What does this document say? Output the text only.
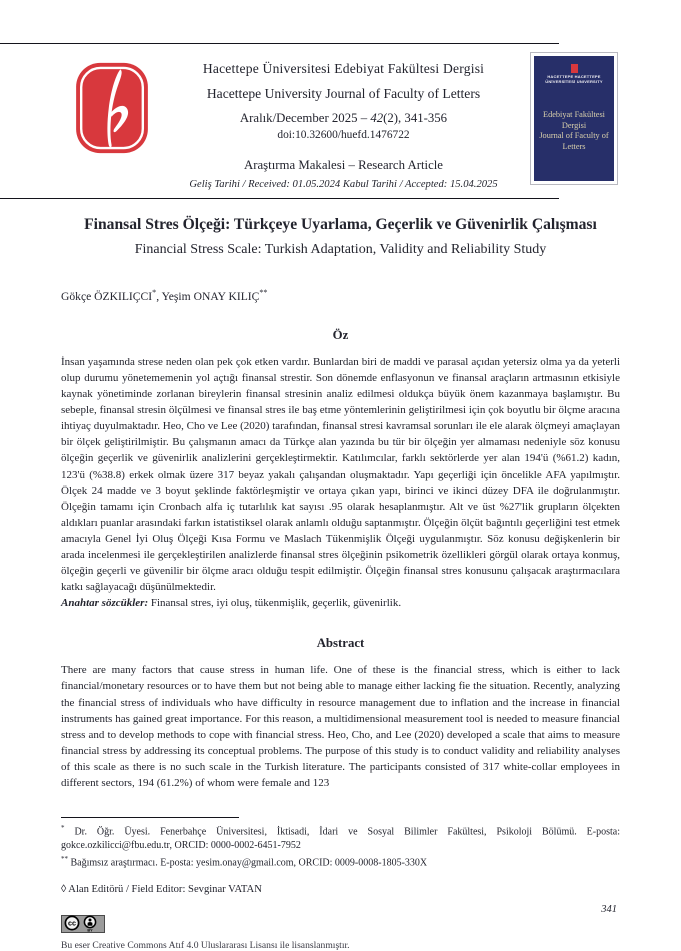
Hacettepe Üniversitesi Edebiyat Fakültesi Dergisi

Hacettepe University Journal of Faculty of Letters

Aralık/December 2025 – 42(2), 341-356

doi:10.32600/huefd.1476722

Araştırma Makalesi – Research Article

Geliş Tarihi / Received: 01.05.2024 Kabul Tarihi / Accepted: 15.04.2025

HACETTEPE HACETTEPE
ÜNİVERSİTESİ UNIVERSITY
Edebiyat Fakültesi Dergisi
Journal of Faculty of Letters

Finansal Stres Ölçeği: Türkçeye Uyarlama, Geçerlik ve Güvenirlik Çalışması

Financial Stress Scale: Turkish Adaptation, Validity and Reliability Study

Gökçe ÖZKILIÇCI*, Yeşim ONAY KILIÇ**

Öz

İnsan yaşamında strese neden olan pek çok etken vardır. Bunlardan biri de maddi ve parasal açıdan yetersiz olma ya da yeterli olup durumu yönetememenin yol açtığı finansal strestir. Son dönemde enflasyonun ve finansal araçların artmasının etkisiyle kaynak yönetiminde zorlanan bireylerin finansal stresinin analiz edilmesi oldukça büyük önem kazanmaya başlamıştır. Bu sebeple, finansal stresin ölçülmesi ve finansal stres ile baş etme yöntemlerinin geliştirilmesi için çok boyutlu bir ölçme aracına ihtiyaç duyulmaktadır. Heo, Cho ve Lee (2020) tarafından, finansal stresi kavramsal sorunları ile ele alarak ölçmeyi amaçlayan bir ölçek geliştirilmiştir. Bu çalışmanın amacı da Türkçe alan yazında bu tür bir ölçeğin yer almaması nedeniyle söz konusu ölçeğin geçerlik ve güvenirlik analizlerini gerçekleştirmektir. Katılımcılar, farklı sektörlerde yer alan 194'ü (%61.2) kadın, 123'ü (%38.8) erkek olmak üzere 317 beyaz yakalı çalışandan oluşmaktadır. Yapı geçerliği için öncelikle AFA yapılmıştır. Ölçek 24 madde ve 3 boyut şeklinde faktörleşmiştir ve ortaya çıkan yapı, birinci ve ikinci düzey DFA ile doğrulanmıştır. Ölçeğin tamamı için Cronbach alfa iç tutarlılık kat sayısı .95 olarak hesaplanmıştır. Alt ve üst %27'lik grupların ölçekten aldıkları puanlar arasındaki farkın istatistiksel olarak anlamlı olduğu saptanmıştır. Ölçeğin ölçüt bağıntılı geçerliğini test etmek amacıyla Genel İyi Oluş Ölçeği Kısa Formu ve Maslach Tükenmişlik Ölçeği uygulanmıştır. Söz konusu değişkenlerin bir arada incelenmesi ile gerçekleştirilen analizlerde finansal stres ölçeğinin psikometrik özellikleri görgül olarak ortaya konmuş, ölçeğin geçerli ve güvenilir bir ölçme aracı olduğu tespit edilmiştir. Ölçeğin finansal stres konusunu çalışacak araştırmacılara katkı sağlayacağı düşünülmektedir.
Anahtar sözcükler: Finansal stres, iyi oluş, tükenmişlik, geçerlik, güvenirlik.

Abstract

There are many factors that cause stress in human life. One of these is the financial stress, which is either to lack financial/monetary resources or to have them but not being able to manage either lacking fie the situation. Recently, analyzing the financial stress of individuals who have difficulty in resource management due to inflation and the increase in financial instruments has gained great importance. For this reason, a multidimensional measurement tool is needed to measure financial stress and to develop methods to cope with financial stress. Heo, Cho, and Lee (2020) developed a scale that aims to measure financial stress by addressing its conceptual problems. The purpose of this study is to conduct validity and reliability analyses of this scale as there is no such scale in the Turkish literature. The participants consisted of 317 white-collar employees in different sectors, 194 (61.2%) of whom were female and 123

* Dr. Öğr. Üyesi. Fenerbahçe Üniversitesi, İktisadi, İdari ve Sosyal Bilimler Fakültesi, Psikoloji Bölümü. E-posta: gokce.ozkilicci@fbu.edu.tr, ORCID: 0000-0002-6451-7952

** Bağımsız araştırmacı. E-posta: yesim.onay@gmail.com, ORCID: 0009-0008-1805-330X

◊ Alan Editörü / Field Editor: Sevginar VATAN

cc
BY

Bu eser Creative Commons Atıf 4.0 Uluslararası Lisansı ile lisanslanmıştır.

341
